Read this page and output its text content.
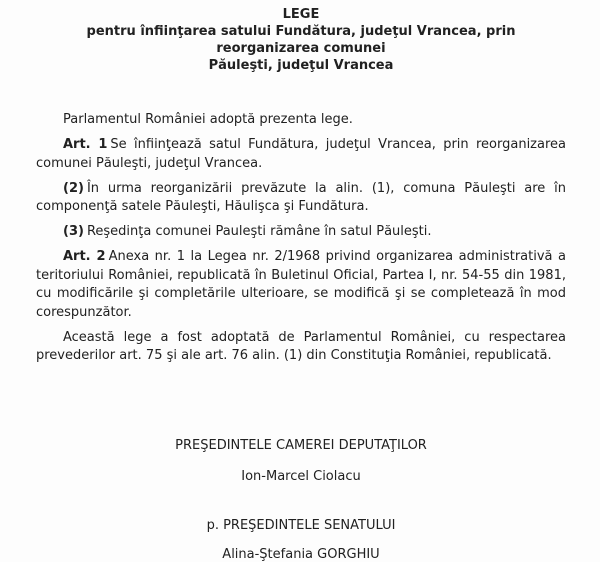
LEGE
pentru înfiinţarea satului Fundătura, judeţul Vrancea, prin reorganizarea comunei
Păuleşti, judeţul Vrancea

Parlamentul României adoptă prezenta lege.

Art. 1 Se înfiinţează satul Fundătura, judeţul Vrancea, prin reorganizarea comunei Păuleşti, judeţul Vrancea.

(2) În urma reorganizării prevăzute la alin. (1), comuna Păuleşti are în componenţă satele Păuleşti, Hăulişca şi Fundătura.

(3) Reşedinţa comunei Pauleşti rămâne în satul Păuleşti.

Art. 2 Anexa nr. 1 la Legea nr. 2/1968 privind organizarea administrativă a teritoriului României, republicată în Buletinul Oficial, Partea I, nr. 54-55 din 1981, cu modificările şi completările ulterioare, se modifică şi se completează în mod corespunzător.

Această lege a fost adoptată de Parlamentul României, cu respectarea prevederilor art. 75 şi ale art. 76 alin. (1) din Constituţia României, republicată.

PREŞEDINTELE CAMEREI DEPUTAŢILOR
Ion-Marcel Ciolacu
p. PREŞEDINTELE SENATULUI
Alina-Ştefania GORGHIU
